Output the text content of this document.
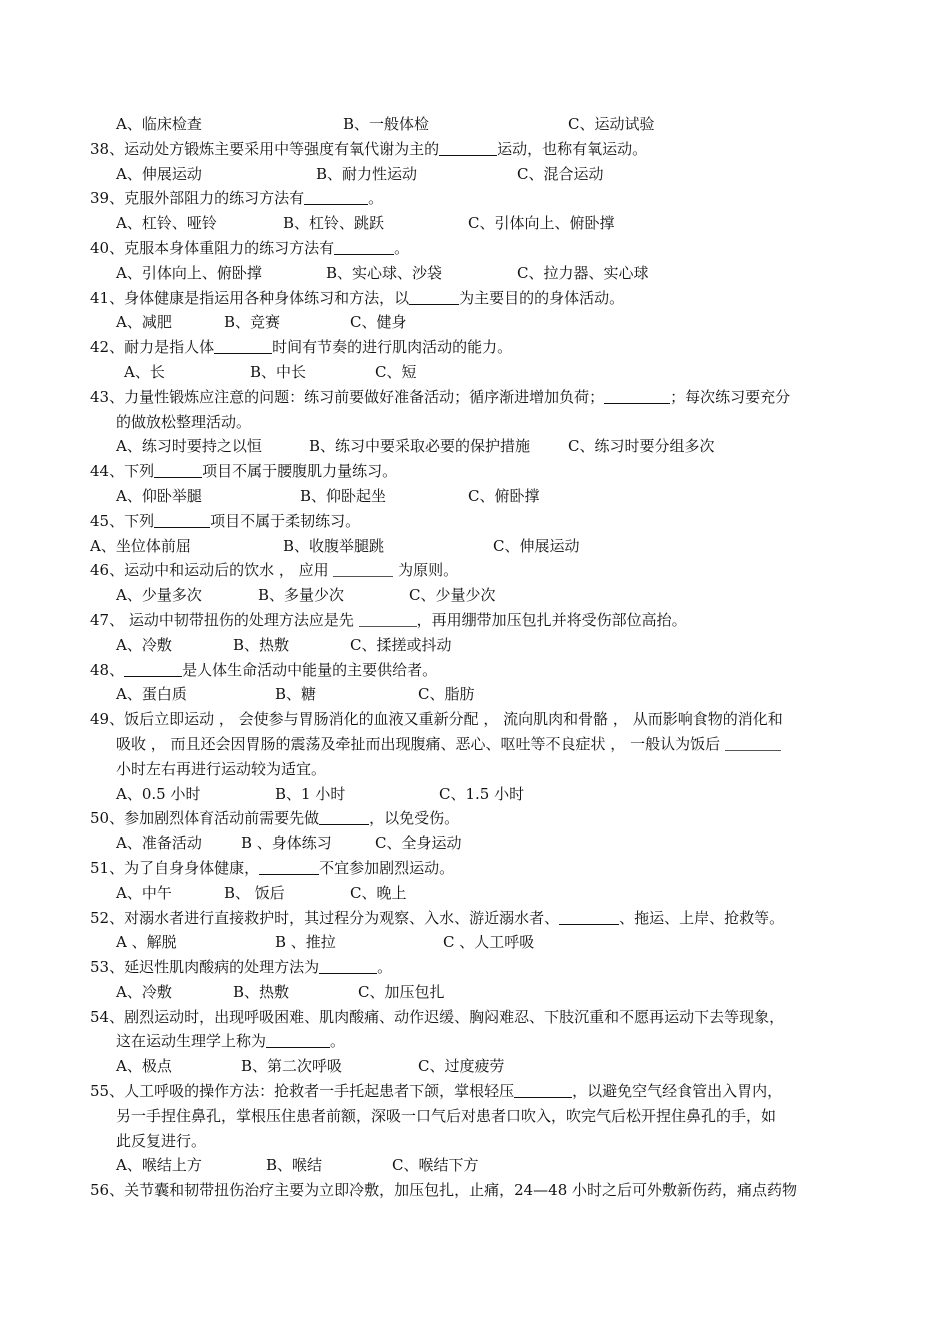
A、临床检查	B、一般体检	C、运动试验
38、运动处方锻炼主要采用中等强度有氧代谢为主的	运动，也称有氧运动。
A、伸展运动	B、耐力性运动	C、混合运动
39、克服外部阻力的练习方法有	。
A、杠铃、哑铃	B、杠铃、跳跃	C、引体向上、俯卧撑
40、克服本身体重阻力的练习方法有	。
A、引体向上、俯卧撑	B、实心球、沙袋	C、拉力器、实心球
41、身体健康是指运用各种身体练习和方法，以	为主要目的的身体活动。
A、减肥	B、竞赛	C、健身
42、耐力是指人体	时间有节奏的进行肌肉活动的能力。
A、长	B、中长	C、短
43、力量性锻炼应注意的问题：练习前要做好准备活动；循序渐进增加负荷；	；每次练习要充分
的做放松整理活动。
A、练习时要持之以恒	B、练习中要采取必要的保护措施	C、练习时要分组多次
44、下列	项目不属于腰腹肌力量练习。
A、仰卧举腿	B、仰卧起坐	C、俯卧撑
45、下列	项目不属于柔韧练习。
A、坐位体前屈	B、收腹举腿跳	C、伸展运动
46、运动中和运动后的饮水 ， 应用	为原则。
A、少量多次	B、多量少次	C、少量少次
47、 运动中韧带扭伤的处理方法应是先	，再用绷带加压包扎并将受伤部位高抬。
A、冷敷	B、热敷	C、揉搓或抖动
48、	是人体生命活动中能量的主要供给者。
A、蛋白质	B、糖	C、脂肪
49、饭后立即运动 ， 会使参与胃肠消化的血液又重新分配 ， 流向肌肉和骨骼 ， 从而影响食物的消化和
吸收 ， 而且还会因胃肠的震荡及牵扯而出现腹痛、恶心、呕吐等不良症状 ， 一般认为饭后
小时左右再进行运动较为适宜。
A、0.5 小时	B、1 小时	C、1.5 小时
50、参加剧烈体育活动前需要先做	，以免受伤。
A、准备活动	B 、身体练习	C、全身运动
51、为了自身身体健康，	不宜参加剧烈运动。
A、中午	B、 饭后	C、晚上
52、对溺水者进行直接救护时，其过程分为观察、入水、游近溺水者、	、拖运、上岸、抢救等。
A 、解脱	B 、推拉	C 、人工呼吸
53、延迟性肌肉酸病的处理方法为	。
A、冷敷	B、热敷	C、加压包扎
54、剧烈运动时，出现呼吸困难、肌肉酸痛、动作迟缓、胸闷难忍、下肢沉重和不愿再运动下去等现象，
这在运动生理学上称为	。
A、极点	B、第二次呼吸	C、过度疲劳
55、人工呼吸的操作方法：抢救者一手托起患者下颌，掌根轻压	，以避免空气经食管出入胃内，
另一手捏住鼻孔，掌根压住患者前额，深吸一口气后对患者口吹入，吹完气后松开捏住鼻孔的手，如
此反复进行。
A、喉结上方	B、喉结	C、喉结下方
56、关节囊和韧带扭伤治疗主要为立即冷敷，加压包扎，止痛，24—48 小时之后可外敷新伤药，痛点药物
